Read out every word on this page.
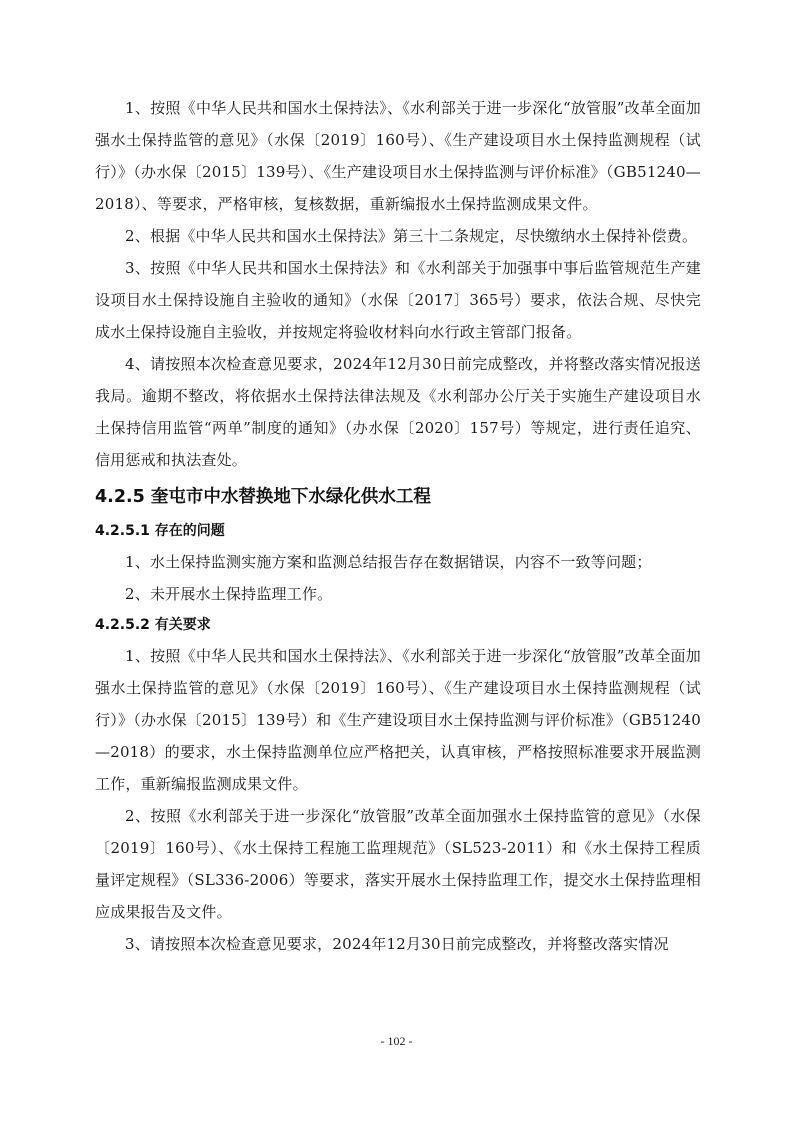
1、按照《中华人民共和国水土保持法》、《水利部关于进一步深化“放管服”改革全面加强水土保持监管的意见》（水保〔2019〕160号）、《生产建设项目水土保持监测规程（试行）》（办水保〔2015〕139号）、《生产建设项目水土保持监测与评价标准》（GB51240—2018）、等要求，严格审核，复核数据，重新编报水土保持监测成果文件。

2、根据《中华人民共和国水土保持法》第三十二条规定，尽快缴纳水土保持补偿费。

3、按照《中华人民共和国水土保持法》和《水利部关于加强事中事后监管规范生产建设项目水土保持设施自主验收的通知》（水保〔2017〕365号）要求，依法合规、尽快完成水土保持设施自主验收，并按规定将验收材料向水行政主管部门报备。

4、请按照本次检查意见要求，2024年12月30日前完成整改，并将整改落实情况报送我局。逾期不整改，将依据水土保持法律法规及《水利部办公厅关于实施生产建设项目水土保持信用监管“两单”制度的通知》（办水保〔2020〕157号）等规定，进行责任追究、信用惩戒和执法查处。

4.2.5 奎屯市中水替换地下水绿化供水工程
4.2.5.1 存在的问题

1、水土保持监测实施方案和监测总结报告存在数据错误，内容不一致等问题；

2、未开展水土保持监理工作。

4.2.5.2 有关要求

1、按照《中华人民共和国水土保持法》、《水利部关于进一步深化“放管服”改革全面加强水土保持监管的意见》（水保〔2019〕160号）、《生产建设项目水土保持监测规程（试行）》（办水保〔2015〕139号）和《生产建设项目水土保持监测与评价标准》（GB51240—2018）的要求，水土保持监测单位应严格把关，认真审核，严格按照标准要求开展监测工作，重新编报监测成果文件。

2、按照《水利部关于进一步深化“放管服”改革全面加强水土保持监管的意见》（水保〔2019〕160号）、《水土保持工程施工监理规范》（SL523-2011）和《水土保持工程质量评定规程》（SL336-2006）等要求，落实开展水土保持监理工作，提交水土保持监理相应成果报告及文件。

3、请按照本次检查意见要求，2024年12月30日前完成整改，并将整改落实情况

- 102 -
